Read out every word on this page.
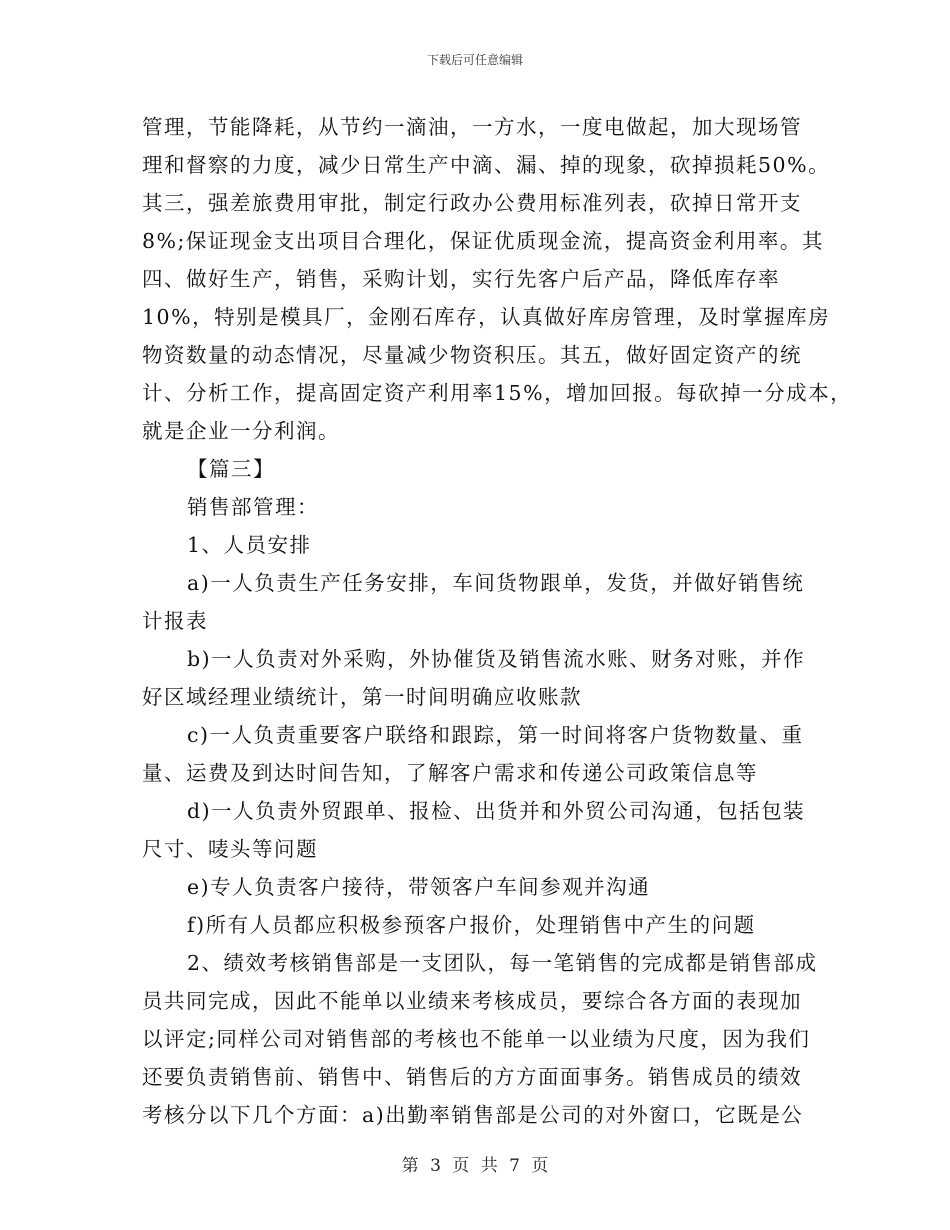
下载后可任意编辑
管理，节能降耗，从节约一滴油，一方水，一度电做起，加大现场管
理和督察的力度，减少日常生产中滴、漏、掉的现象，砍掉损耗50%。
其三，强差旅费用审批，制定行政办公费用标准列表，砍掉日常开支
8%;保证现金支出项目合理化，保证优质现金流，提高资金利用率。其
四、做好生产，销售，采购计划，实行先客户后产品，降低库存率
10%，特别是模具厂，金刚石库存，认真做好库房管理，及时掌握库房
物资数量的动态情况，尽量减少物资积压。其五，做好固定资产的统
计、分析工作，提高固定资产利用率15%，增加回报。每砍掉一分成本，
就是企业一分利润。
【篇三】
销售部管理：
1、人员安排
a)一人负责生产任务安排，车间货物跟单，发货，并做好销售统
计报表
b)一人负责对外采购，外协催货及销售流水账、财务对账，并作
好区域经理业绩统计，第一时间明确应收账款
c)一人负责重要客户联络和跟踪，第一时间将客户货物数量、重
量、运费及到达时间告知，了解客户需求和传递公司政策信息等
d)一人负责外贸跟单、报检、出货并和外贸公司沟通，包括包装
尺寸、唛头等问题
e)专人负责客户接待，带领客户车间参观并沟通
f)所有人员都应积极参预客户报价，处理销售中产生的问题
2、绩效考核销售部是一支团队，每一笔销售的完成都是销售部成
员共同完成，因此不能单以业绩来考核成员，要综合各方面的表现加
以评定;同样公司对销售部的考核也不能单一以业绩为尺度，因为我们
还要负责销售前、销售中、销售后的方方面面事务。销售成员的绩效
考核分以下几个方面：a)出勤率销售部是公司的对外窗口，它既是公
第 3 页 共 7 页
